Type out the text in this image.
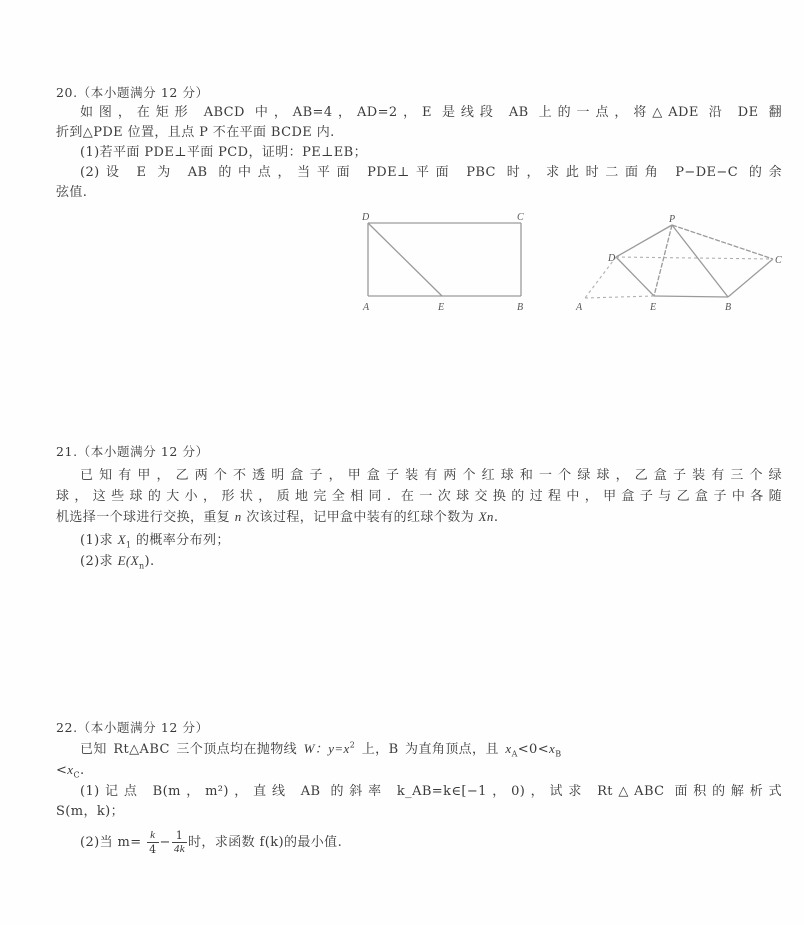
20.（本小题满分 12 分）
如图，在矩形 ABCD 中，AB=4，AD=2，E 是线段 AB 上的一点，将△ADE 沿 DE 翻
折到△PDE 位置，且点 P 不在平面 BCDE 内.
(1)若平面 PDE⊥平面 PCD，证明：PE⊥EB；
(2)设 E 为 AB 的中点，当平面 PDE⊥平面 PBC 时，求此时二面角 P−DE−C 的余
弦值.
D	C
A	E	B
P
D	C
A	E	B
21.（本小题满分 12 分）
已知有甲，乙两个不透明盒子，甲盒子装有两个红球和一个绿球，乙盒子装有三个绿
球，这些球的大小，形状，质地完全相同. 在一次球交换的过程中，甲盒子与乙盒子中各随
机选择一个球进行交换，重复 n 次该过程，记甲盒中装有的红球个数为 Xn.
(1)求 $X_1$ 的概率分布列；
(2)求 $E(X_n)$.
22.（本小题满分 12 分）
已知 Rt△ABC 三个顶点均在抛物线 W：$y=x^2$ 上，B 为直角顶点，且 $x_A<0<x_B$
$<x_C$.
(1)记点 B(m，m²)，直线 AB 的斜率 k_AB=k∈[−1，0)，试求 Rt△ABC 面积的解析式
S(m，k)；
(2)当 $m= \frac{k}{4} - \frac{1}{4k}$ 时，求函数 f(k)的最小值.
